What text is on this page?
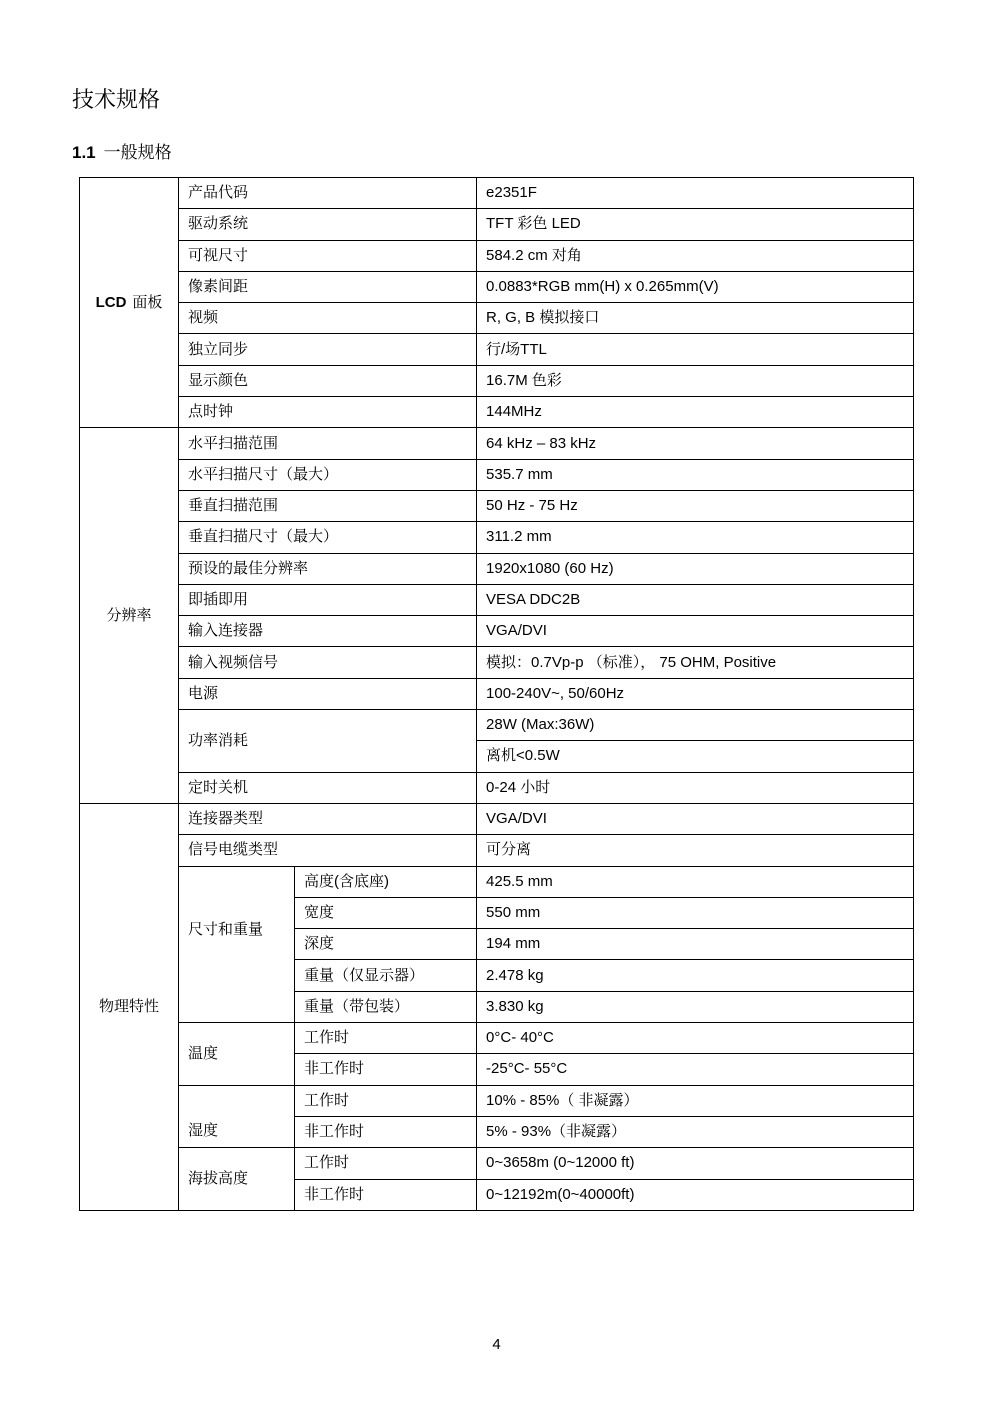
技术规格
1.1 一般规格
LCD 面板	产品代码		e2351F
	驱动系统		TFT 彩色 LED
	可视尺寸		584.2 cm 对角
	像素间距		0.0883*RGB mm(H) x 0.265mm(V)
	视频		R, G, B 模拟接口
	独立同步		行/场TTL
	显示颜色		16.7M 色彩
	点时钟		144MHz
分辨率	水平扫描范围		64 kHz – 83 kHz
	水平扫描尺寸（最大）		535.7 mm
	垂直扫描范围		50 Hz - 75 Hz
	垂直扫描尺寸（最大）		311.2 mm
	预设的最佳分辨率		1920x1080 (60 Hz)
	即插即用		VESA DDC2B
	输入连接器		VGA/DVI
	输入视频信号		模拟：0.7Vp-p （标准）， 75 OHM, Positive
	电源		100-240V~, 50/60Hz
	功率消耗		28W (Max:36W)
			离机<0.5W
	定时关机		0-24 小时
物理特性	连接器类型		VGA/DVI
	信号电缆类型		可分离
	尺寸和重量	高度(含底座)	425.5 mm
		宽度	550 mm
		深度	194 mm
		重量（仅显示器）	2.478 kg
		重量（带包装）	3.830 kg
	温度	工作时	0°C- 40°C
		非工作时	-25°C- 55°C
	湿度	工作时	10% - 85%（ 非凝露）
		非工作时	5% - 93%（非凝露）
	海拔高度	工作时	0~3658m (0~12000 ft)
		非工作时	0~12192m(0~40000ft)
4
